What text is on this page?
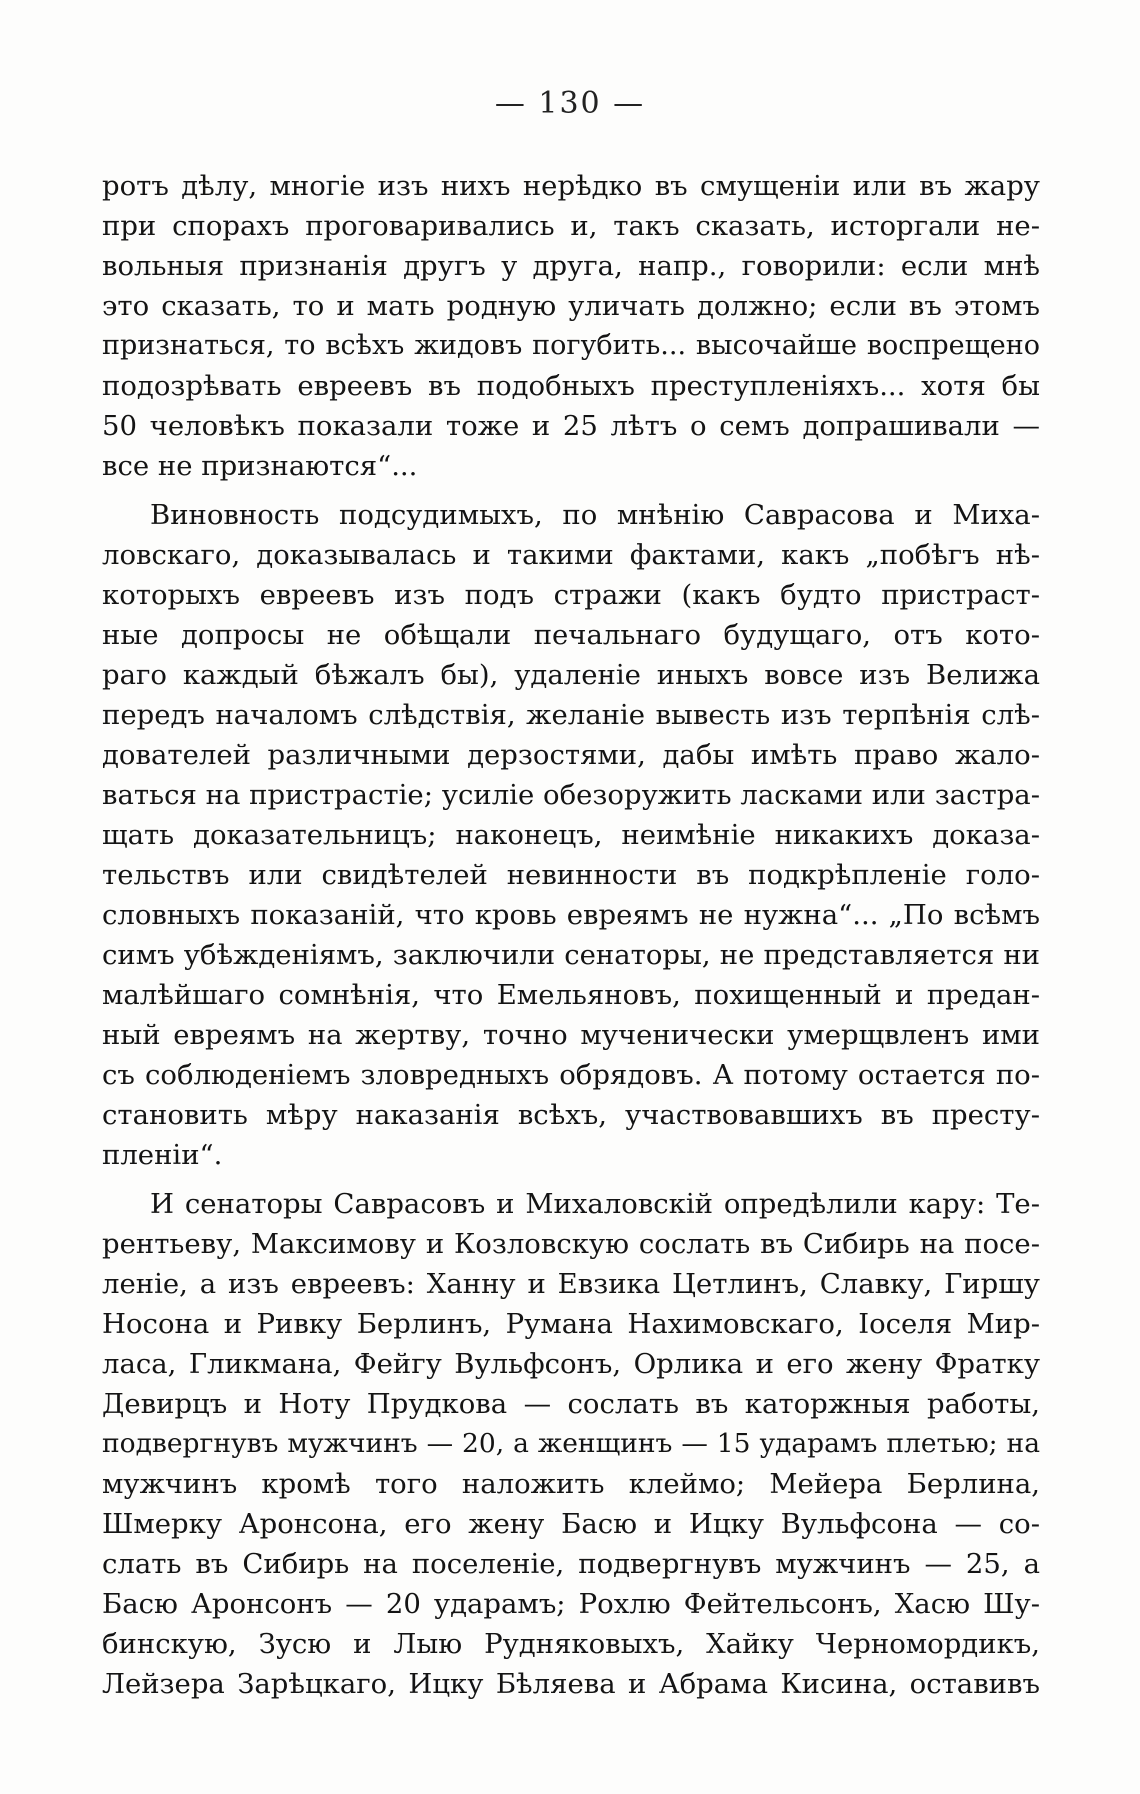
— 130 —
ротъ дѣлу, многіе изъ нихъ нерѣдко въ смущеніи или въ жару
при спорахъ проговаривались и, такъ сказать, исторгали не-
вольныя признанія другъ у друга, напр., говорили: если мнѣ
это сказать, то и мать родную уличать должно; если въ этомъ
признаться, то всѣхъ жидовъ погубить... высочайше воспрещено
подозрѣвать евреевъ въ подобныхъ преступленіяхъ... хотя бы
50 человѣкъ показали тоже и 25 лѣтъ о семъ допрашивали —
все не признаются“...
Виновность подсудимыхъ, по мнѣнію Саврасова и Миха-
ловскаго, доказывалась и такими фактами, какъ „побѣгъ нѣ-
которыхъ евреевъ изъ подъ стражи (какъ будто пристраст-
ные допросы не обѣщали печальнаго будущаго, отъ кото-
раго каждый бѣжалъ бы), удаленіе иныхъ вовсе изъ Велижа
передъ началомъ слѣдствія, желаніе вывесть изъ терпѣнія слѣ-
дователей различными дерзостями, дабы имѣть право жало-
ваться на пристрастіе; усиліе обезоружить ласками или застра-
щать доказательницъ; наконецъ, неимѣніе никакихъ доказа-
тельствъ или свидѣтелей невинности въ подкрѣпленіе голо-
словныхъ показаній, что кровь евреямъ не нужна“... „По всѣмъ
симъ убѣжденіямъ, заключили сенаторы, не представляется ни
малѣйшаго сомнѣнія, что Емельяновъ, похищенный и предан-
ный евреямъ на жертву, точно мученически умерщвленъ ими
съ соблюденіемъ зловредныхъ обрядовъ. А потому остается по-
становить мѣру наказанія всѣхъ, участвовавшихъ въ престу-
пленіи“.
И сенаторы Саврасовъ и Михаловскій опредѣлили кару: Те-
рентьеву, Максимову и Козловскую сослать въ Сибирь на посе-
леніе, а изъ евреевъ: Ханну и Евзика Цетлинъ, Славку, Гиршу
Носона и Ривку Берлинъ, Румана Нахимовскаго, Іоселя Мир-
ласа, Гликмана, Фейгу Вульфсонъ, Орлика и его жену Фратку
Девирцъ и Ноту Прудкова — сослать въ каторжныя работы,
подвергнувъ мужчинъ — 20, а женщинъ — 15 ударамъ плетью; на
мужчинъ кромѣ того наложить клеймо; Мейера Берлина,
Шмерку Аронсона, его жену Басю и Ицку Вульфсона — со-
слать въ Сибирь на поселеніе, подвергнувъ мужчинъ — 25, а
Басю Аронсонъ — 20 ударамъ; Рохлю Фейтельсонъ, Хасю Шу-
бинскую, Зусю и Лыю Рудняковыхъ, Хайку Черномордикъ,
Лейзера Зарѣцкаго, Ицку Бѣляева и Абрама Кисина, оставивъ
